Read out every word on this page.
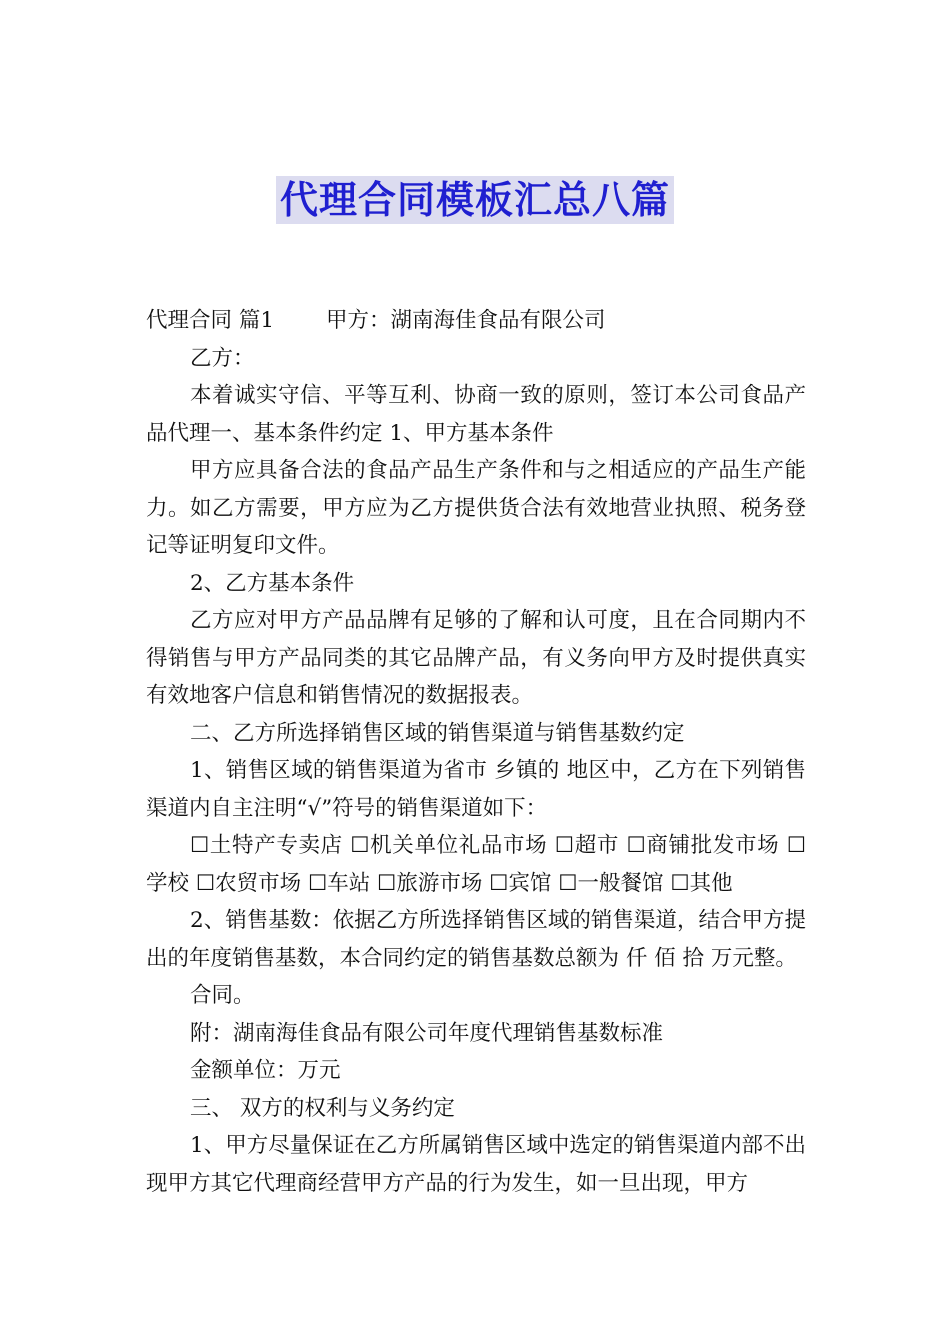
代理合同模板汇总八篇

代理合同 篇1 甲方：湖南海佳食品有限公司

乙方：

本着诚实守信、平等互利、协商一致的原则，签订本公司食品产品代理一、基本条件约定 1、甲方基本条件

甲方应具备合法的食品产品生产条件和与之相适应的产品生产能力。如乙方需要，甲方应为乙方提供货合法有效地营业执照、税务登记等证明复印文件。

2、乙方基本条件

乙方应对甲方产品品牌有足够的了解和认可度，且在合同期内不得销售与甲方产品同类的其它品牌产品，有义务向甲方及时提供真实有效地客户信息和销售情况的数据报表。

二、乙方所选择销售区域的销售渠道与销售基数约定

1、销售区域的销售渠道为省市 乡镇的 地区中，乙方在下列销售渠道内自主注明“√”符号的销售渠道如下：

☐土特产专卖店 ☐机关单位礼品市场 ☐超市 ☐商铺批发市场 ☐学校 ☐农贸市场 ☐车站 ☐旅游市场 ☐宾馆 ☐一般餐馆 ☐其他

2、销售基数：依据乙方所选择销售区域的销售渠道，结合甲方提出的年度销售基数，本合同约定的销售基数总额为 仟 佰 拾 万元整。

合同。

附：湖南海佳食品有限公司年度代理销售基数标准

金额单位：万元

三、 双方的权利与义务约定

1、甲方尽量保证在乙方所属销售区域中选定的销售渠道内部不出现甲方其它代理商经营甲方产品的行为发生，如一旦出现，甲方
